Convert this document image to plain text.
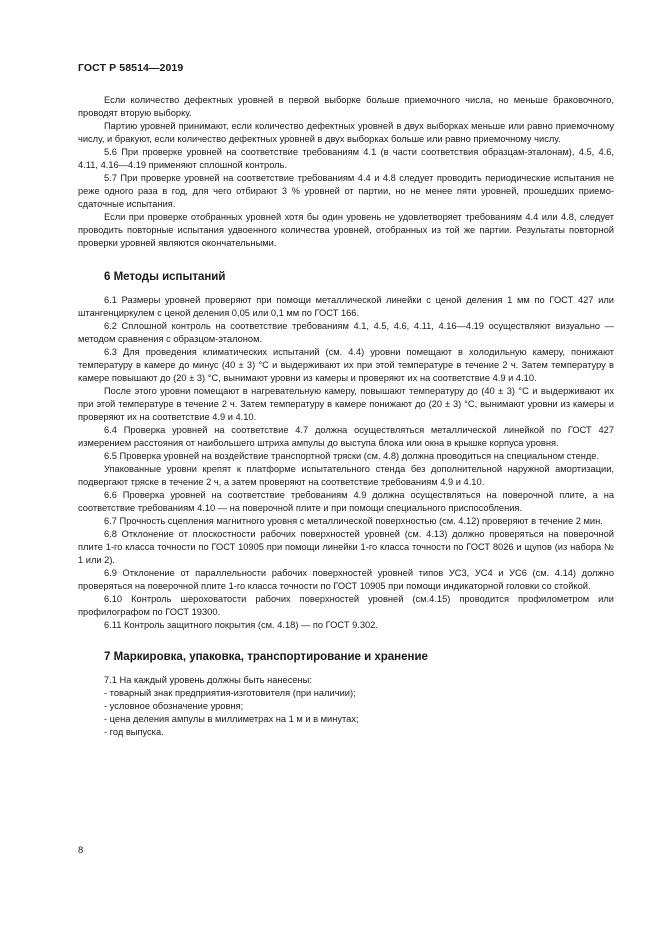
ГОСТ Р 58514—2019

Если количество дефектных уровней в первой выборке больше приемочного числа, но меньше браковочного, проводят вторую выборку.

Партию уровней принимают, если количество дефектных уровней в двух выборках меньше или равно приемочному числу, и бракуют, если количество дефектных уровней в двух выборках больше или равно приемочному числу.

5.6 При проверке уровней на соответствие требованиям 4.1 (в части соответствия образцам-эталонам), 4.5, 4.6, 4.11, 4.16—4.19 применяют сплошной контроль.

5.7 При проверке уровней на соответствие требованиям 4.4 и 4.8 следует проводить периодические испытания не реже одного раза в год, для чего отбирают 3 % уровней от партии, но не менее пяти уровней, прошедших приемо-сдаточные испытания.

Если при проверке отобранных уровней хотя бы один уровень не удовлетворяет требованиям 4.4 или 4.8, следует проводить повторные испытания удвоенного количества уровней, отобранных из той же партии. Результаты повторной проверки уровней являются окончательными.

6 Методы испытаний

6.1 Размеры уровней проверяют при помощи металлической линейки с ценой деления 1 мм по ГОСТ 427 или штангенциркулем с ценой деления 0,05 или 0,1 мм по ГОСТ 166.

6.2 Сплошной контроль на соответствие требованиям 4.1, 4.5, 4.6, 4.11, 4.16—4.19 осуществляют визуально — методом сравнения с образцом-эталоном.

6.3 Для проведения климатических испытаний (см. 4.4) уровни помещают в холодильную камеру, понижают температуру в камере до минус (40 ± 3) °С и выдерживают их при этой температуре в течение 2 ч. Затем температуру в камере повышают до (20 ± 3) °С, вынимают уровни из камеры и проверяют их на соответствие 4.9 и 4.10.

После этого уровни помещают в нагревательную камеру, повышают температуру до (40 ± 3) °С и выдерживают их при этой температуре в течение 2 ч. Затем температуру в камере понижают до (20 ± 3) °С, вынимают уровни из камеры и проверяют их на соответствие 4.9 и 4.10.

6.4 Проверка уровней на соответствие 4.7 должна осуществляться металлической линейкой по ГОСТ 427 измерением расстояния от наибольшего штриха ампулы до выступа блока или окна в крышке корпуса уровня.

6.5 Проверка уровней на воздействие транспортной тряски (см. 4.8) должна проводиться на специальном стенде.

Упакованные уровни крепят к платформе испытательного стенда без дополнительной наружной амортизации, подвергают тряске в течение 2 ч, а затем проверяют на соответствие требованиям 4.9 и 4.10.

6.6 Проверка уровней на соответствие требованиям 4.9 должна осуществляться на поверочной плите, а на соответствие требованиям 4.10 — на поверочной плите и при помощи специального приспособления.

6.7 Прочность сцепления магнитного уровня с металлической поверхностью (см. 4.12) проверяют в течение 2 мин.

6.8 Отклонение от плоскостности рабочих поверхностей уровней (см. 4.13) должно проверяться на поверочной плите 1-го класса точности по ГОСТ 10905 при помощи линейки 1-го класса точности по ГОСТ 8026 и щупов (из набора № 1 или 2).

6.9 Отклонение от параллельности рабочих поверхностей уровней типов УС3, УС4 и УС6 (см. 4.14) должно проверяться на поверочной плите 1-го класса точности по ГОСТ 10905 при помощи индикаторной головки со стойкой.

6.10 Контроль шероховатости рабочих поверхностей уровней (см.4.15) проводится профилометром или профилографом по ГОСТ 19300.

6.11 Контроль защитного покрытия (см. 4.18) — по ГОСТ 9.302.

7 Маркировка, упаковка, транспортирование и хранение

7.1 На каждый уровень должны быть нанесены:

- товарный знак предприятия-изготовителя (при наличии);

- условное обозначение уровня;

- цена деления ампулы в миллиметрах на 1 м и в минутах;

- год выпуска.

8
